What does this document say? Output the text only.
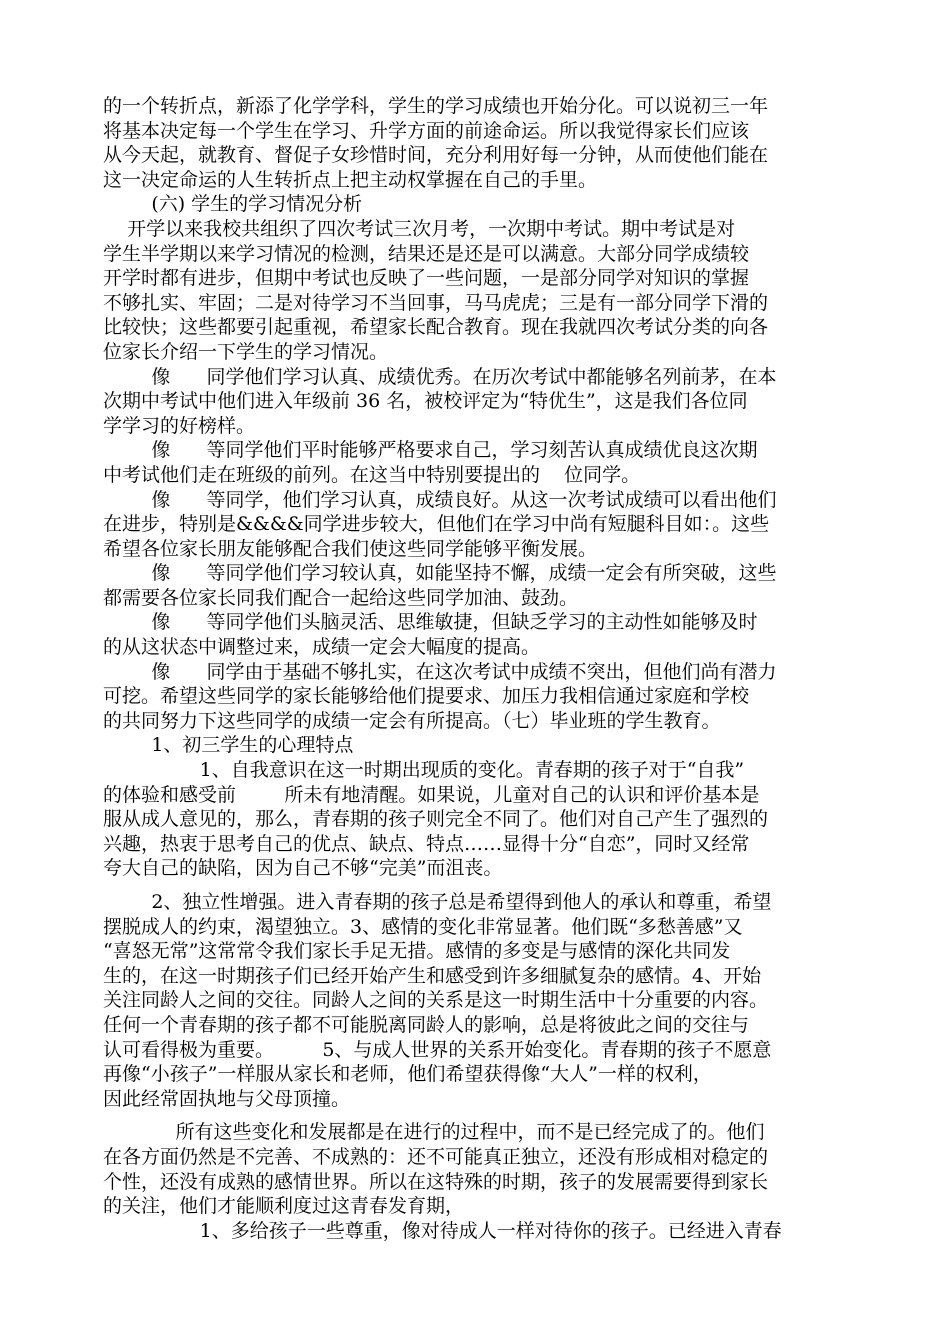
的一个转折点，新添了化学学科，学生的学习成绩也开始分化。可以说初三一年

将基本决定每一个学生在学习、升学方面的前途命运。所以我觉得家长们应该

从今天起，就教育、督促子女珍惜时间，充分利用好每一分钟，从而使他们能在

这一决定命运的人生转折点上把主动权掌握在自己的手里。

(六) 学生的学习情况分析

开学以来我校共组织了四次考试三次月考，一次期中考试。期中考试是对

学生半学期以来学习情况的检测，结果还是还是可以满意。大部分同学成绩较

开学时都有进步，但期中考试也反映了一些问题，一是部分同学对知识的掌握

不够扎实、牢固；二是对待学习不当回事，马马虎虎；三是有一部分同学下滑的

比较快；这些都要引起重视，希望家长配合教育。现在我就四次考试分类的向各

位家长介绍一下学生的学习情况。

像      同学他们学习认真、成绩优秀。在历次考试中都能够名列前茅，在本

次期中考试中他们进入年级前 36 名，被校评定为“特优生”，这是我们各位同

学学习的好榜样。

像      等同学他们平时能够严格要求自己，学习刻苦认真成绩优良这次期

中考试他们走在班级的前列。在这当中特别要提出的    位同学。

像      等同学，他们学习认真，成绩良好。从这一次考试成绩可以看出他们

在进步，特别是&&&&同学进步较大，但他们在学习中尚有短腿科目如：。这些

希望各位家长朋友能够配合我们使这些同学能够平衡发展。

像      等同学他们学习较认真，如能坚持不懈，成绩一定会有所突破，这些

都需要各位家长同我们配合一起给这些同学加油、鼓劲。

像      等同学他们头脑灵活、思维敏捷，但缺乏学习的主动性如能够及时

的从这状态中调整过来，成绩一定会大幅度的提高。

像      同学由于基础不够扎实，在这次考试中成绩不突出，但他们尚有潜力

可挖。希望这些同学的家长能够给他们提要求、加压力我相信通过家庭和学校

的共同努力下这些同学的成绩一定会有所提高。（七）毕业班的学生教育。

1、初三学生的心理特点

1、自我意识在这一时期出现质的变化。青春期的孩子对于“自我”

的体验和感受前        所未有地清醒。如果说，儿童对自己的认识和评价基本是

服从成人意见的，那么，青春期的孩子则完全不同了。他们对自己产生了强烈的

兴趣，热衷于思考自己的优点、缺点、特点……显得十分“自恋”，同时又经常

夸大自己的缺陷，因为自己不够“完美”而沮丧。

2、独立性增强。进入青春期的孩子总是希望得到他人的承认和尊重，希望

摆脱成人的约束，渴望独立。3、感情的变化非常显著。他们既“多愁善感”又

“喜怒无常”这常常令我们家长手足无措。感情的多变是与感情的深化共同发

生的，在这一时期孩子们已经开始产生和感受到许多细腻复杂的感情。4、开始

关注同龄人之间的交往。同龄人之间的关系是这一时期生活中十分重要的内容。

任何一个青春期的孩子都不可能脱离同龄人的影响，总是将彼此之间的交往与

认可看得极为重要。        5、与成人世界的关系开始变化。青春期的孩子不愿意

再像“小孩子”一样服从家长和老师，他们希望获得像“大人”一样的权利，

因此经常固执地与父母顶撞。

所有这些变化和发展都是在进行的过程中，而不是已经完成了的。他们

在各方面仍然是不完善、不成熟的：还不可能真正独立，还没有形成相对稳定的

个性，还没有成熟的感情世界。所以在这特殊的时期，孩子的发展需要得到家长

的关注，他们才能顺利度过这青春发育期，

1、多给孩子一些尊重，像对待成人一样对待你的孩子。已经进入青春
